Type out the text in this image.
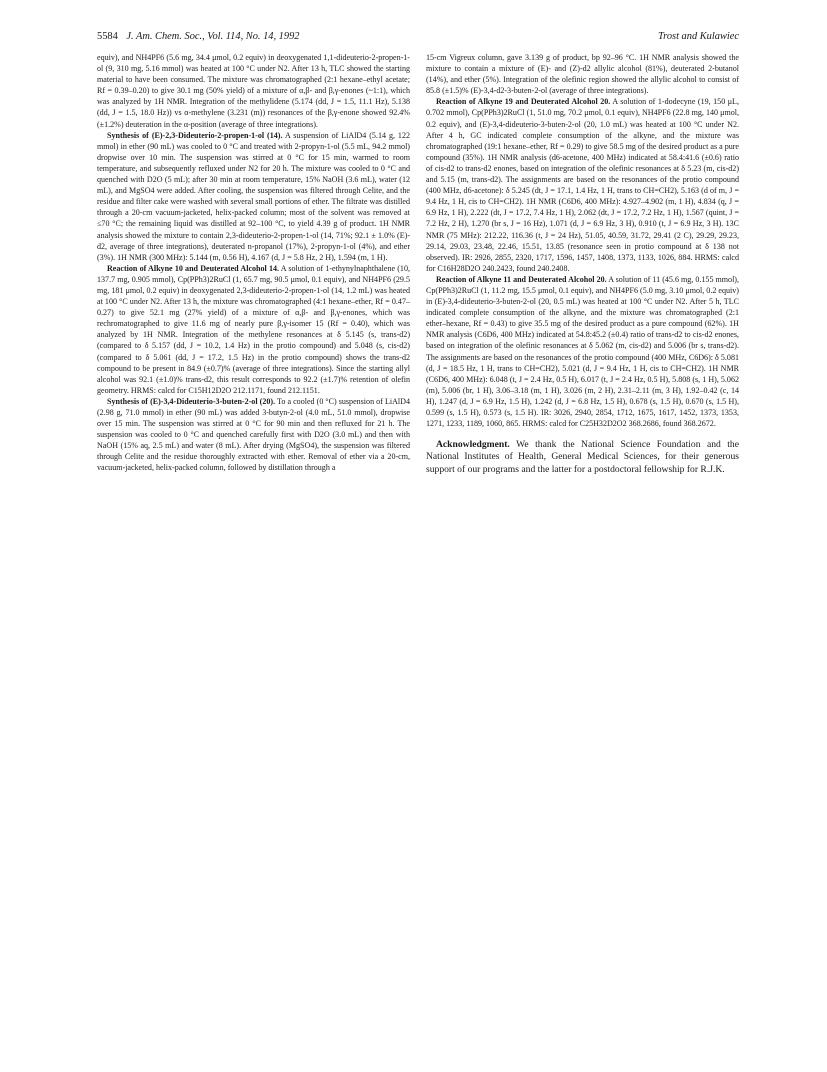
5584 J. Am. Chem. Soc., Vol. 114, No. 14, 1992	Trost and Kulawiec

equiv), and NH4PF6 (5.6 mg, 34.4 μmol, 0.2 equiv) in deoxygenated 1,1-dideuterio-2-propen-1-ol (9, 310 mg, 5.16 mmol) was heated at 100 °C under N2. After 13 h, TLC showed the starting material to have been consumed. The mixture was chromatographed (2:1 hexane–ethyl acetate; Rf = 0.39–0.20) to give 30.1 mg (50% yield) of a mixture of α,β- and β,γ-enones (~1:1), which was analyzed by 1H NMR. Integration of the methylidene (5.174 (dd, J = 1.5, 11.1 Hz), 5.138 (dd, J = 1.5, 18.0 Hz)) vs α-methylene (3.231 (m)) resonances of the β,γ-enone showed 92.4% (±1.2%) deuteration in the α-position (average of three integrations).

Synthesis of (E)-2,3-Dideuterio-2-propen-1-ol (14). A suspension of LiAlD4 (5.14 g, 122 mmol) in ether (90 mL) was cooled to 0 °C and treated with 2-propyn-1-ol (5.5 mL, 94.2 mmol) dropwise over 10 min. The suspension was stirred at 0 °C for 15 min, warmed to room temperature, and subsequently refluxed under N2 for 20 h. The mixture was cooled to 0 °C and quenched with D2O (5 mL); after 30 min at room temperature, 15% NaOH (3.6 mL), water (12 mL), and MgSO4 were added. After cooling, the suspension was filtered through Celite, and the residue and filter cake were washed with several small portions of ether. The filtrate was distilled through a 20-cm vacuum-jacketed, helix-packed column; most of the solvent was removed at ≤70 °C; the remaining liquid was distilled at 92–100 °C, to yield 4.39 g of product. 1H NMR analysis showed the mixture to contain 2,3-dideuterio-2-propen-1-ol (14, 71%; 92.1 ± 1.0% (E)-d2, average of three integrations), deuterated n-propanol (17%), 2-propyn-1-ol (4%), and ether (3%). 1H NMR (300 MHz): 5.144 (m, 0.56 H), 4.167 (d, J = 5.8 Hz, 2 H), 1.594 (m, 1 H).

Reaction of Alkyne 10 and Deuterated Alcohol 14. A solution of 1-ethynylnaphthalene (10, 137.7 mg, 0.905 mmol), Cp(PPh3)2RuCl (1, 65.7 mg, 90.5 μmol, 0.1 equiv), and NH4PF6 (29.5 mg, 181 μmol, 0.2 equiv) in deoxygenated 2,3-dideuterio-2-propen-1-ol (14, 1.2 mL) was heated at 100 °C under N2. After 13 h, the mixture was chromatographed (4:1 hexane–ether, Rf = 0.47–0.27) to give 52.1 mg (27% yield) of a mixture of α,β- and β,γ-enones, which was rechromatographed to give 11.6 mg of nearly pure β,γ-isomer 15 (Rf = 0.40), which was analyzed by 1H NMR. Integration of the methylene resonances at δ 5.145 (s, trans-d2) (compared to δ 5.157 (dd, J = 10.2, 1.4 Hz) in the protio compound) and 5.048 (s, cis-d2) (compared to δ 5.061 (dd, J = 17.2, 1.5 Hz) in the protio compound) shows the trans-d2 compound to be present in 84.9 (±0.7)% (average of three integrations). Since the starting allyl alcohol was 92.1 (±1.0)% trans-d2, this result corresponds to 92.2 (±1.7)% retention of olefin geometry. HRMS: calcd for C15H12D2O 212.1171, found 212.1151.

Synthesis of (E)-3,4-Dideuterio-3-buten-2-ol (20). To a cooled (0 °C) suspension of LiAlD4 (2.98 g, 71.0 mmol) in ether (90 mL) was added 3-butyn-2-ol (4.0 mL, 51.0 mmol), dropwise over 15 min. The suspension was stirred at 0 °C for 90 min and then refluxed for 21 h. The suspension was cooled to 0 °C and quenched carefully first with D2O (3.0 mL) and then with NaOH (15% aq, 2.5 mL) and water (8 mL). After drying (MgSO4), the suspension was filtered through Celite and the residue thoroughly extracted with ether. Removal of ether via a 20-cm, vacuum-jacketed, helix-packed column, followed by distillation through a

15-cm Vigreux column, gave 3.139 g of product, bp 92–96 °C. 1H NMR analysis showed the mixture to contain a mixture of (E)- and (Z)-d2 allylic alcohol (81%), deuterated 2-butanol (14%), and ether (5%). Integration of the olefinic region showed the allylic alcohol to consist of 85.8 (±1.5)% (E)-3,4-d2-3-buten-2-ol (average of three integrations).

Reaction of Alkyne 19 and Deuterated Alcohol 20. A solution of 1-dodecyne (19, 150 μL, 0.702 mmol), Cp(PPh3)2RuCl (1, 51.0 mg, 70.2 μmol, 0.1 equiv), NH4PF6 (22.8 mg, 140 μmol, 0.2 equiv), and (E)-3,4-dideuterio-3-buten-2-ol (20, 1.0 mL) was heated at 100 °C under N2. After 4 h, GC indicated complete consumption of the alkyne, and the mixture was chromatographed (19:1 hexane–ether, Rf = 0.29) to give 58.5 mg of the desired product as a pure compound (35%). 1H NMR analysis (d6-acetone, 400 MHz) indicated at 58.4:41.6 (±0.6) ratio of cis-d2 to trans-d2 enones, based on integration of the olefinic resonances at δ 5.23 (m, cis-d2) and 5.15 (m, trans-d2). The assignments are based on the resonances of the protio compound (400 MHz, d6-acetone): δ 5.245 (dt, J = 17.1, 1.4 Hz, 1 H, trans to CH=CH2), 5.163 (d of m, J = 9.4 Hz, 1 H, cis to CH=CH2). 1H NMR (C6D6, 400 MHz): 4.927–4.902 (m, 1 H), 4.834 (q, J = 6.9 Hz, 1 H), 2.222 (dt, J = 17.2, 7.4 Hz, 1 H), 2.062 (dt, J = 17.2, 7.2 Hz, 1 H), 1.567 (quint, J = 7.2 Hz, 2 H), 1.270 (br s, J = 16 Hz), 1.071 (d, J = 6.9 Hz, 3 H), 0.910 (t, J = 6.9 Hz, 3 H). 13C NMR (75 MHz): 212.22, 116.36 (t, J = 24 Hz), 51.05, 40.59, 31.72, 29.41 (2 C), 29.29, 29.23, 29.14, 29.03, 23.48, 22.46, 15.51, 13.85 (resonance seen in protio compound at δ 138 not observed). IR: 2926, 2855, 2320, 1717, 1596, 1457, 1408, 1373, 1133, 1026, 884. HRMS: calcd for C16H28D2O 240.2423, found 240.2408.

Reaction of Alkyne 11 and Deuterated Alcohol 20. A solution of 11 (45.6 mg, 0.155 mmol), Cp(PPh3)2RuCl (1, 11.2 mg, 15.5 μmol, 0.1 equiv), and NH4PF6 (5.0 mg, 3.10 μmol, 0.2 equiv) in (E)-3,4-dideuterio-3-buten-2-ol (20, 0.5 mL) was heated at 100 °C under N2. After 5 h, TLC indicated complete consumption of the alkyne, and the mixture was chromatographed (2:1 ether–hexane, Rf = 0.43) to give 35.5 mg of the desired product as a pure compound (62%). 1H NMR analysis (C6D6, 400 MHz) indicated at 54.8:45.2 (±0.4) ratio of trans-d2 to cis-d2 enones, based on integration of the olefinic resonances at δ 5.062 (m, cis-d2) and 5.006 (br s, trans-d2). The assignments are based on the resonances of the protio compound (400 MHz, C6D6): δ 5.081 (d, J = 18.5 Hz, 1 H, trans to CH=CH2), 5.021 (d, J = 9.4 Hz, 1 H, cis to CH=CH2). 1H NMR (C6D6, 400 MHz): 6.048 (t, J = 2.4 Hz, 0.5 H), 6.017 (t, J = 2.4 Hz, 0.5 H), 5.808 (s, 1 H), 5.062 (m), 5.006 (br, 1 H), 3.06–3.18 (m, 1 H), 3.026 (m, 2 H), 2.31–2.11 (m, 3 H), 1.92–0.42 (c, 14 H), 1.247 (d, J = 6.9 Hz, 1.5 H), 1.242 (d, J = 6.8 Hz, 1.5 H), 0.678 (s, 1.5 H), 0.670 (s, 1.5 H), 0.599 (s, 1.5 H), 0.573 (s, 1.5 H). IR: 3026, 2940, 2854, 1712, 1675, 1617, 1452, 1373, 1353, 1271, 1233, 1189, 1060, 865. HRMS: calcd for C25H32D2O2 368.2686, found 368.2672.

Acknowledgment. We thank the National Science Foundation and the National Institutes of Health, General Medical Sciences, for their generous support of our programs and the latter for a postdoctoral fellowship for R.J.K.
